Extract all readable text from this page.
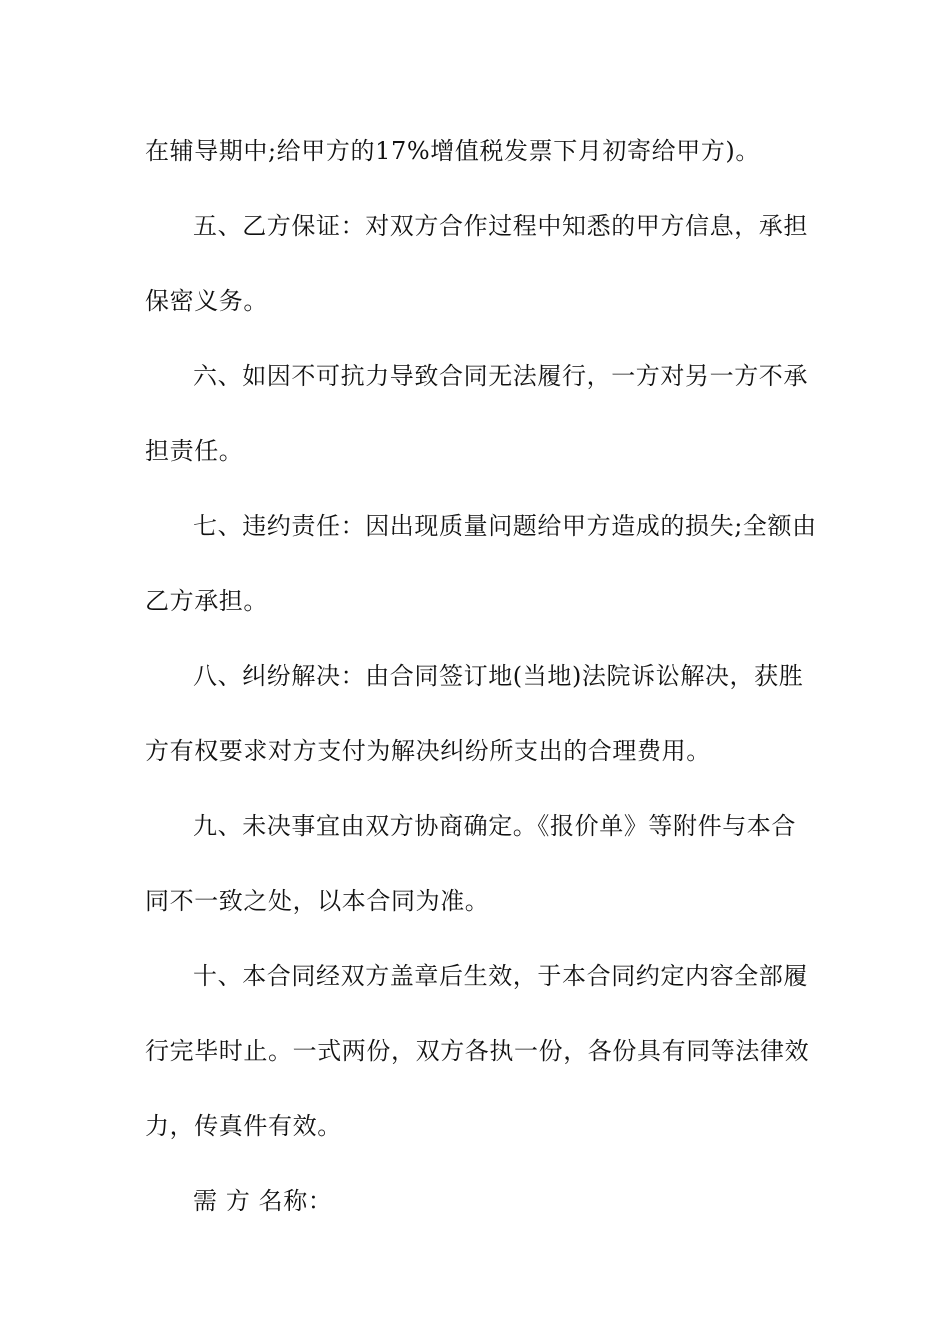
在辅导期中;给甲方的17%增值税发票下月初寄给甲方)。
五、乙方保证：对双方合作过程中知悉的甲方信息，承担
保密义务。
六、如因不可抗力导致合同无法履行，一方对另一方不承
担责任。
七、违约责任：因出现质量问题给甲方造成的损失;全额由
乙方承担。
八、纠纷解决：由合同签订地(当地)法院诉讼解决，获胜
方有权要求对方支付为解决纠纷所支出的合理费用。
九、未决事宜由双方协商确定。《报价单》等附件与本合
同不一致之处，以本合同为准。
十、本合同经双方盖章后生效，于本合同约定内容全部履
行完毕时止。一式两份，双方各执一份，各份具有同等法律效
力，传真件有效。
需 方 名称：
